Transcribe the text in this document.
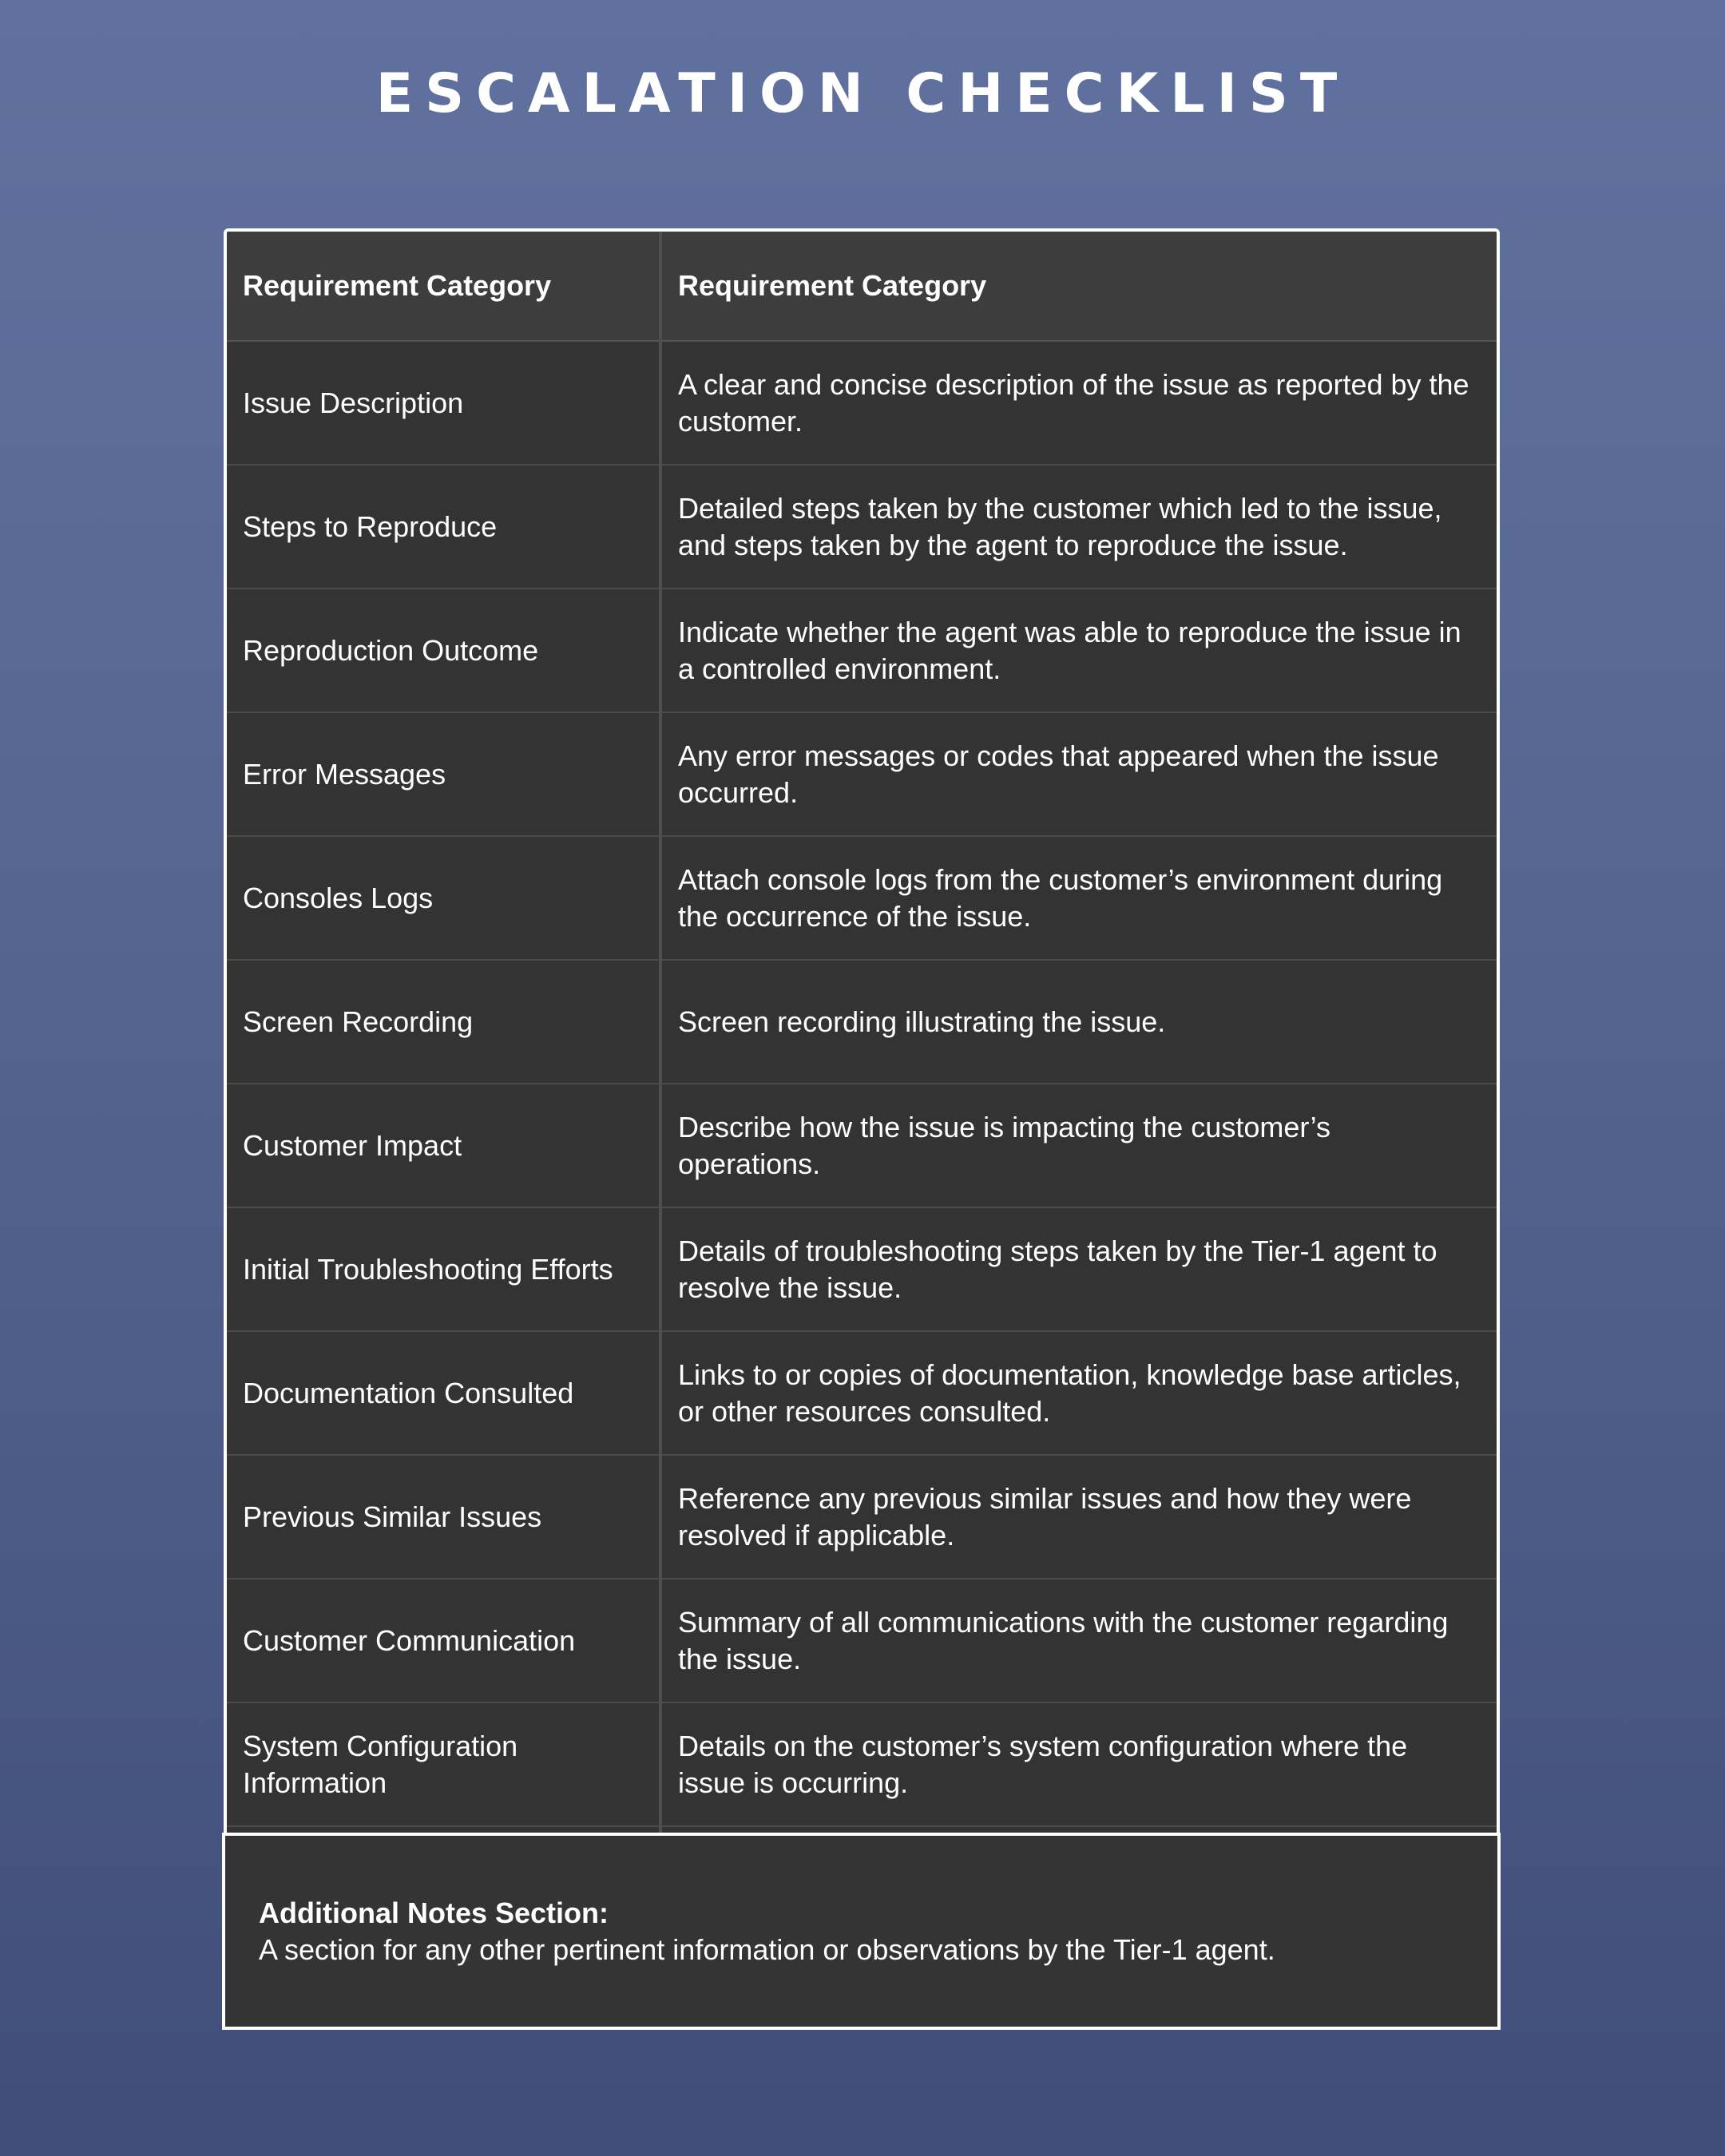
ESCALATION CHECKLIST
Requirement Category	Requirement Category
Issue Description	A clear and concise description of the issue as reported by the customer.
Steps to Reproduce	Detailed steps taken by the customer which led to the issue, and steps taken by the agent to reproduce the issue.
Reproduction Outcome	Indicate whether the agent was able to reproduce the issue in a controlled environment.
Error Messages	Any error messages or codes that appeared when the issue occurred.
Consoles Logs	Attach console logs from the customer’s environment during the occurrence of the issue.
Screen Recording	Screen recording illustrating the issue.
Customer Impact	Describe how the issue is impacting the customer’s operations.
Initial Troubleshooting Efforts	Details of troubleshooting steps taken by the Tier-1 agent to resolve the issue.
Documentation Consulted	Links to or copies of documentation, knowledge base articles, or other resources consulted.
Previous Similar Issues	Reference any previous similar issues and how they were resolved if applicable.
Customer Communication	Summary of all communications with the customer regarding the issue.
System Configuration Information	Details on the customer’s system configuration where the issue is occurring.

Additional Notes Section:
A section for any other pertinent information or observations by the Tier-1 agent.
